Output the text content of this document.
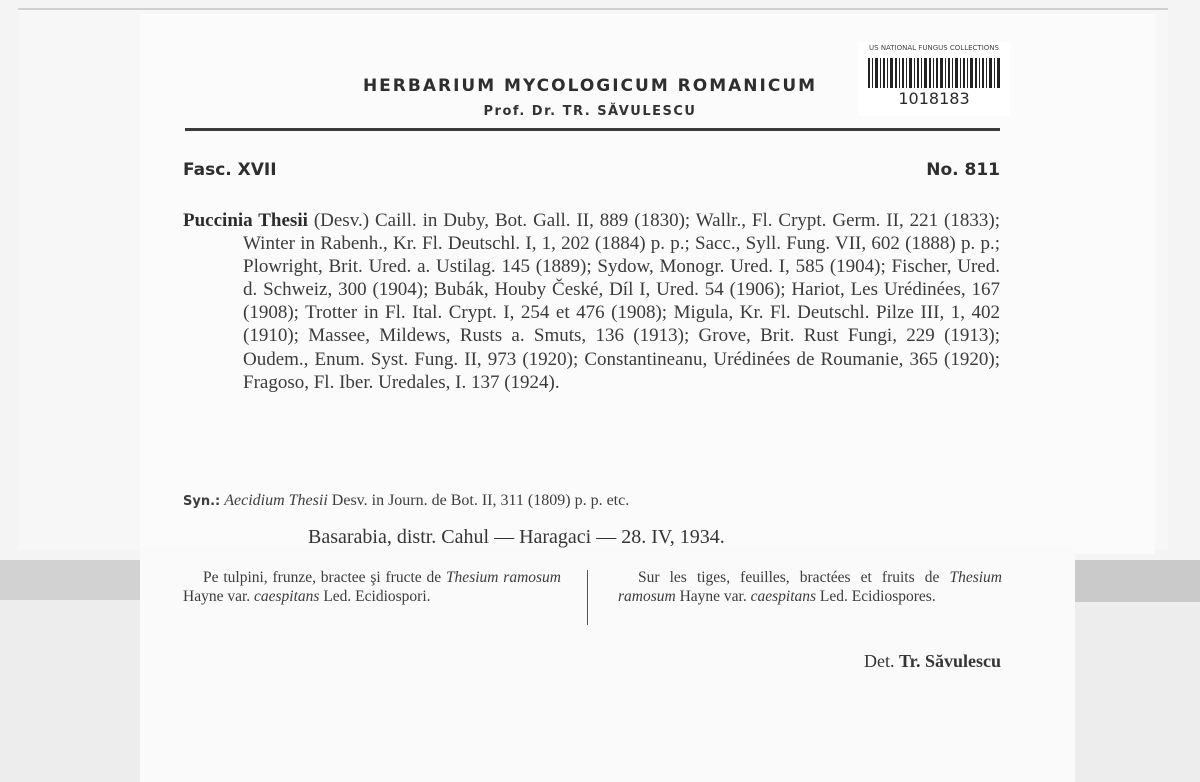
HERBARIUM MYCOLOGICUM ROMANICUM
Prof. Dr. TR. SĂVULESCU
US NATIONAL FUNGUS COLLECTIONS
1018183
Fasc. XVII	No. 811
Puccinia Thesii (Desv.) Caill. in Duby, Bot. Gall. II, 889 (1830); Wallr., Fl. Crypt. Germ. II, 221 (1833); Winter in Rabenh., Kr. Fl. Deutschl. I, 1, 202 (1884) p. p.; Sacc., Syll. Fung. VII, 602 (1888) p. p.; Plowright, Brit. Ured. a. Ustilag. 145 (1889); Sydow, Monogr. Ured. I, 585 (1904); Fischer, Ured. d. Schweiz, 300 (1904); Bubák, Houby České, Díl I, Ured. 54 (1906); Hariot, Les Urédinées, 167 (1908); Trotter in Fl. Ital. Crypt. I, 254 et 476 (1908); Migula, Kr. Fl. Deutschl. Pilze III, 1, 402 (1910); Massee, Mildews, Rusts a. Smuts, 136 (1913); Grove, Brit. Rust Fungi, 229 (1913); Oudem., Enum. Syst. Fung. II, 973 (1920); Constantineanu, Urédinées de Roumanie, 365 (1920); Fragoso, Fl. Iber. Uredales, I. 137 (1924).
Syn.: Aecidium Thesii Desv. in Journ. de Bot. II, 311 (1809) p. p. etc.
Basarabia, distr. Cahul — Haragaci — 28. IV, 1934.
Pe tulpini, frunze, bractee şi fructe de Thesium ramosum Hayne var. caespitans Led. Ecidiospori.
Sur les tiges, feuilles, bractées et fruits de Thesium ramosum Hayne var. caespitans Led. Ecidiospores.
Det. Tr. Săvulescu
